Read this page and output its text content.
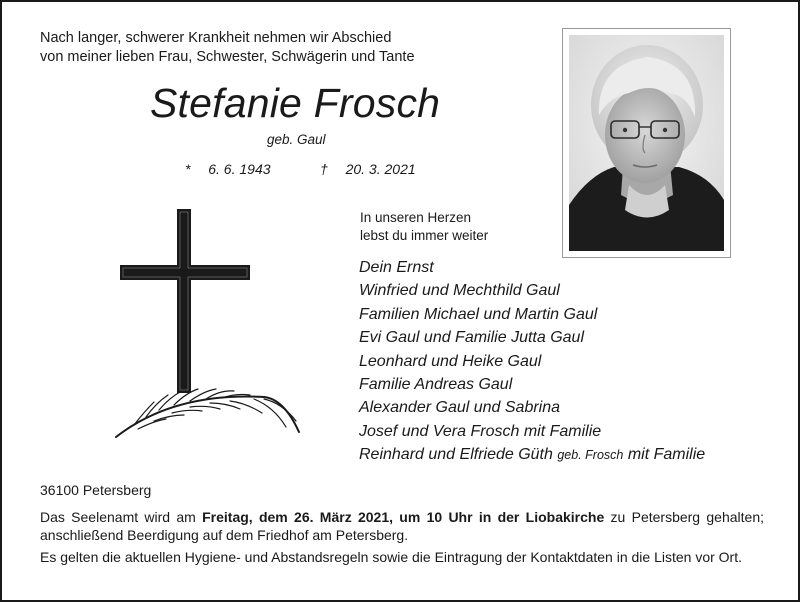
Nach langer, schwerer Krankheit nehmen wir Abschied
von meiner lieben Frau, Schwester, Schwägerin und Tante
Stefanie Frosch
geb. Gaul
* 6. 6. 1943	† 20. 3. 2021
In unseren Herzen
lebst du immer weiter
Dein Ernst
Winfried und Mechthild Gaul
Familien Michael und Martin Gaul
Evi Gaul und Familie Jutta Gaul
Leonhard und Heike Gaul
Familie Andreas Gaul
Alexander Gaul und Sabrina
Josef und Vera Frosch mit Familie
Reinhard und Elfriede Güth geb. Frosch mit Familie
36100 Petersberg
Das Seelenamt wird am Freitag, dem 26. März 2021, um 10 Uhr in der Liobakirche zu Petersberg gehalten; anschließend Beerdigung auf dem Friedhof am Petersberg.
Es gelten die aktuellen Hygiene- und Abstandsregeln sowie die Eintragung der Kontaktdaten in die Listen vor Ort.
